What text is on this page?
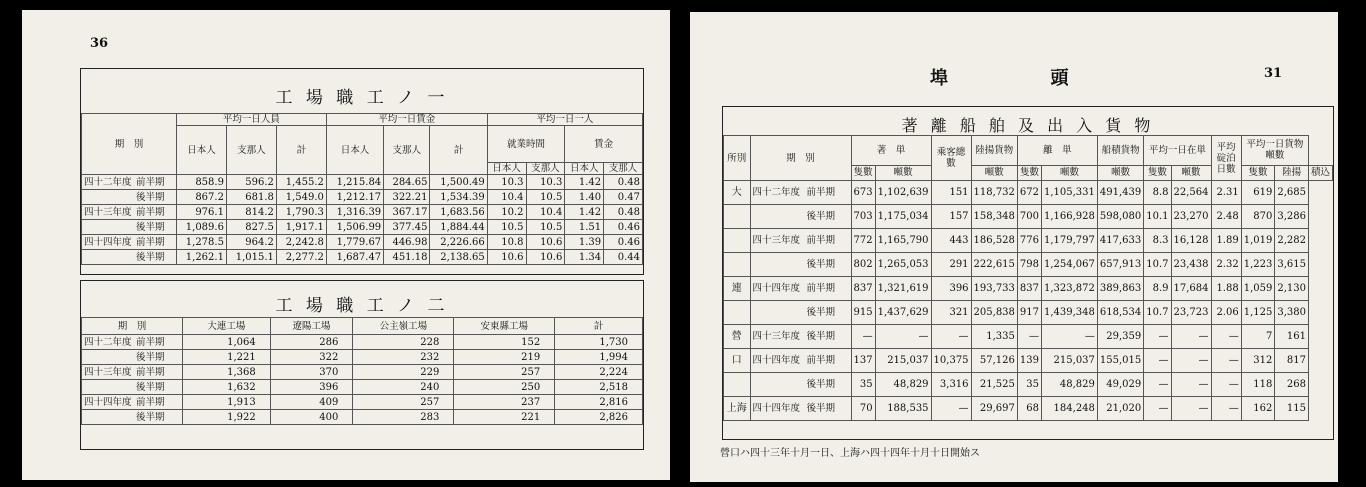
36
工 場 職 工 ノ 一
期　別	平均一日人員			平均一日賃金			平均一日一人			
	日本人	支那人	計	日本人	支那人	計	就業時間		賃金	
							日本人	支那人	日本人	支那人
四十二年度 前半期	858.9	596.2	1,455.2	1,215.84	284.65	1,500.49	10.3	10.3	1.42	0.48
後半期	867.2	681.8	1,549.0	1,212.17	322.21	1,534.39	10.4	10.5	1.40	0.47
四十三年度 前半期	976.1	814.2	1,790.3	1,316.39	367.17	1,683.56	10.2	10.4	1.42	0.48
後半期	1,089.6	827.5	1,917.1	1,506.99	377.45	1,884.44	10.5	10.5	1.51	0.46
四十四年度 前半期	1,278.5	964.2	2,242.8	1,779.67	446.98	2,226.66	10.8	10.6	1.39	0.46
後半期	1,262.1	1,015.1	2,277.2	1,687.47	451.18	2,138.65	10.6	10.6	1.34	0.44
工 場 職 工 ノ 二
期　別	大連工場	遼陽工場	公主嶺工場	安東縣工場	計
四十二年度 前半期	1,064	286	228	152	1,730
後半期	1,221	322	232	219	1,994
四十三年度 前半期	1,368	370	229	257	2,224
後半期	1,632	396	240	250	2,518
四十四年度 前半期	1,913	409	257	237	2,816
後半期	1,922	400	283	221	2,826
埠 　　　　　 頭	31
著 離 船 舶 及 出 入 貨 物
所別	期　別	著　単		乘客總數	陸揚貨物	離　単		船積貨物	平均一日在単		平均碇泊日數	平均一日貨物噸數		
		隻數	噸數		噸數	隻數	噸數	噸數	隻數	噸數		隻數	陸揚	積込
大	四十二年度 前半期	673	1,102,639	151	118,732	672	1,105,331	491,439	8.8	22,564	2.31	619	2,685	
	後半期	703	1,175,034	157	158,348	700	1,166,928	598,080	10.1	23,270	2.48	870	3,286	
	四十三年度 前半期	772	1,165,790	443	186,528	776	1,179,797	417,633	8.3	16,128	1.89	1,019	2,282	
	後半期	802	1,265,053	291	222,615	798	1,254,067	657,913	10.7	23,438	2.32	1,223	3,615	
連	四十四年度 前半期	837	1,321,619	396	193,733	837	1,323,872	389,863	8.9	17,684	1.88	1,059	2,130	
	後半期	915	1,437,629	321	205,838	917	1,439,348	618,534	10.7	23,723	2.06	1,125	3,380	
營	四十三年度 後半期	—	—	—	1,335	—	—	29,359	—	—	—	7	161	
口	四十四年度 前半期	137	215,037	10,375	57,126	139	215,037	155,015	—	—	—	312	817	
	後半期	35	48,829	3,316	21,525	35	48,829	49,029	—	—	—	118	268	
上海	四十四年度 後半期	70	188,535	—	29,697	68	184,248	21,020	—	—	—	162	115	
營口ハ四十三年十月一日、上海ハ四十四年十月十日開始ス
